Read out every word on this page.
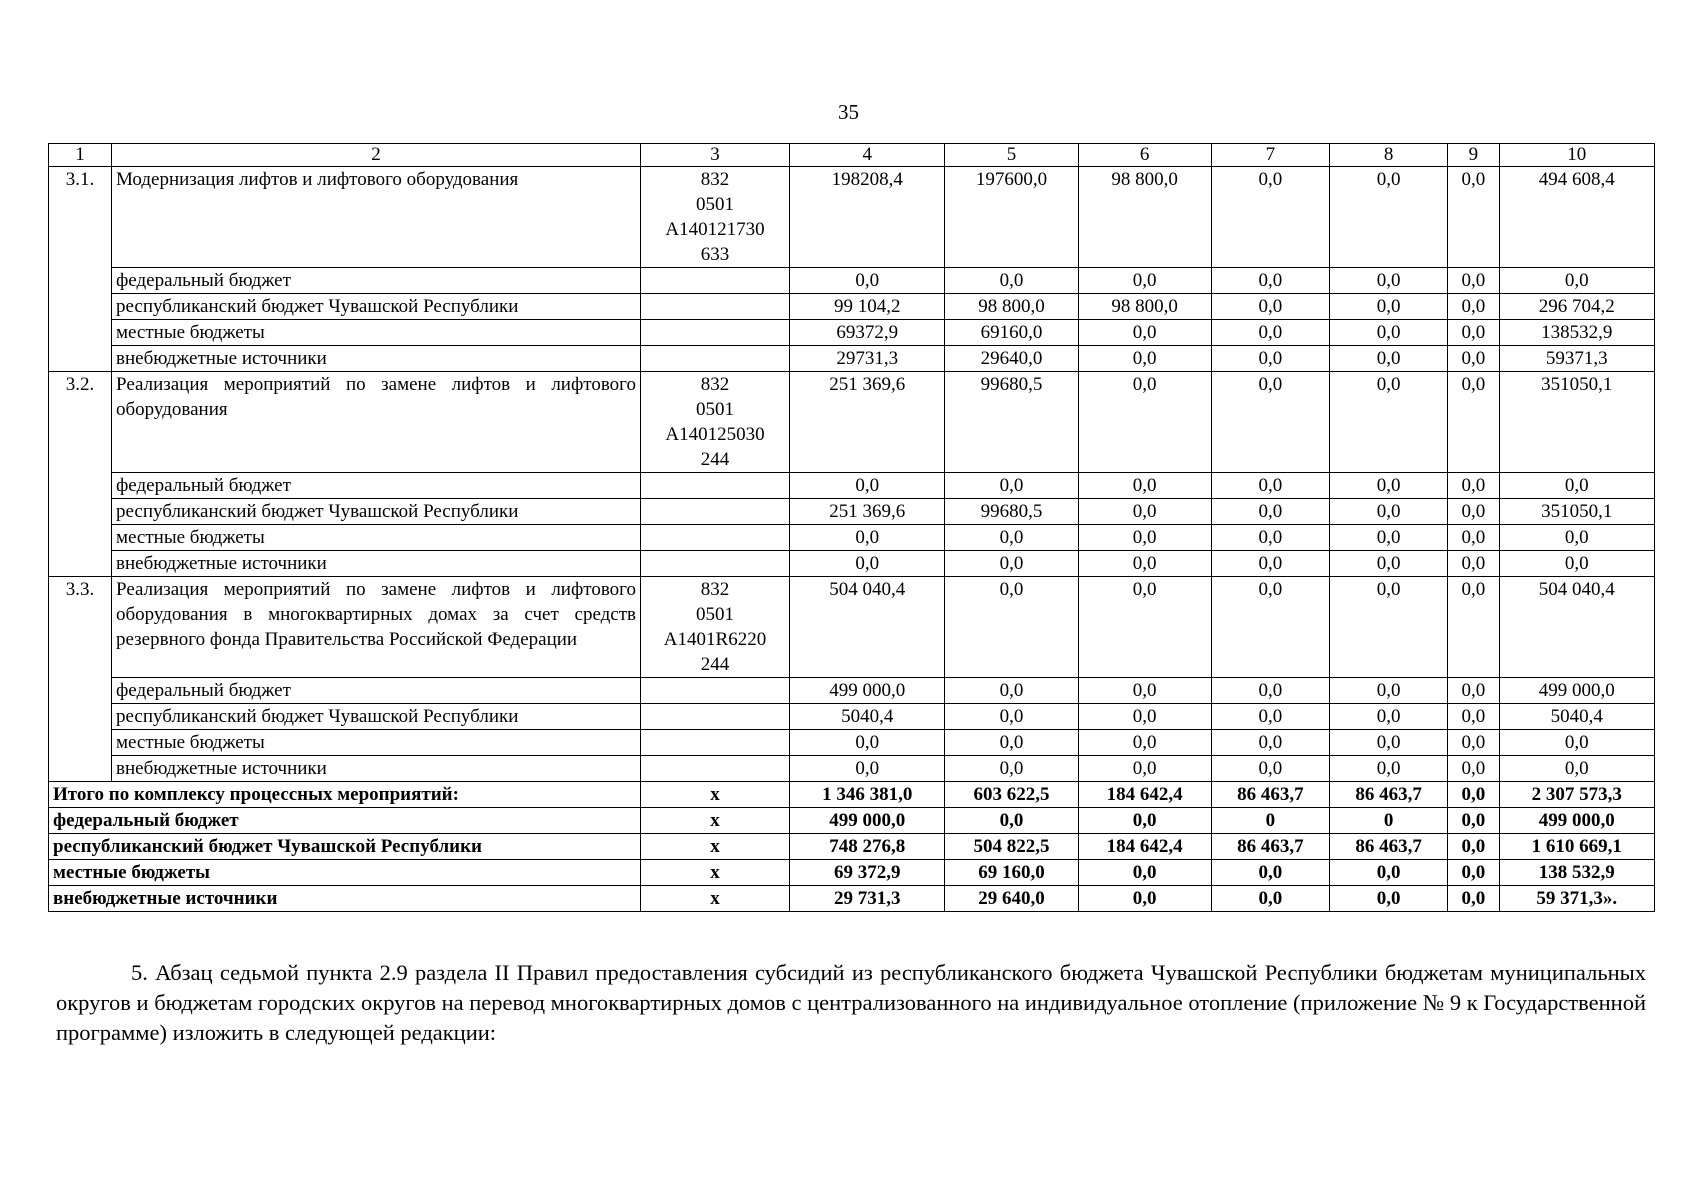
35
1	2	3	4	5	6	7	8	9	10
3.1.	Модернизация лифтов и лифтового оборудования	832
0501
А140121730
633	198208,4	197600,0	98 800,0	0,0	0,0	0,0	494 608,4
	федеральный бюджет		0,0	0,0	0,0	0,0	0,0	0,0	0,0
	республиканский бюджет Чувашской Республики		99 104,2	98 800,0	98 800,0	0,0	0,0	0,0	296 704,2
	местные бюджеты		69372,9	69160,0	0,0	0,0	0,0	0,0	138532,9
	внебюджетные источники		29731,3	29640,0	0,0	0,0	0,0	0,0	59371,3
3.2.	Реализация мероприятий по замене лифтов и лифтового оборудования	832
0501
А140125030
244	251 369,6	99680,5	0,0	0,0	0,0	0,0	351050,1
	федеральный бюджет		0,0	0,0	0,0	0,0	0,0	0,0	0,0
	республиканский бюджет Чувашской Республики		251 369,6	99680,5	0,0	0,0	0,0	0,0	351050,1
	местные бюджеты		0,0	0,0	0,0	0,0	0,0	0,0	0,0
	внебюджетные источники		0,0	0,0	0,0	0,0	0,0	0,0	0,0
3.3.	Реализация мероприятий по замене лифтов и лифтового оборудования в многоквартирных домах за счет средств резервного фонда Правительства Российской Федерации	832
0501
А1401R6220
244	504 040,4	0,0	0,0	0,0	0,0	0,0	504 040,4
	федеральный бюджет		499 000,0	0,0	0,0	0,0	0,0	0,0	499 000,0
	республиканский бюджет Чувашской Республики		5040,4	0,0	0,0	0,0	0,0	0,0	5040,4
	местные бюджеты		0,0	0,0	0,0	0,0	0,0	0,0	0,0
	внебюджетные источники		0,0	0,0	0,0	0,0	0,0	0,0	0,0
Итого по комплексу процессных мероприятий:		х	1 346 381,0	603 622,5	184 642,4	86 463,7	86 463,7	0,0	2 307 573,3
федеральный бюджет		х	499 000,0	0,0	0,0	0	0	0,0	499 000,0
республиканский бюджет Чувашской Республики		х	748 276,8	504 822,5	184 642,4	86 463,7	86 463,7	0,0	1 610 669,1
местные бюджеты		х	69 372,9	69 160,0	0,0	0,0	0,0	0,0	138 532,9
внебюджетные источники		х	29 731,3	29 640,0	0,0	0,0	0,0	0,0	59 371,3».
5. Абзац седьмой пункта 2.9 раздела II Правил предоставления субсидий из республиканского бюджета Чувашской Республики бюджетам муниципальных округов и бюджетам городских округов на перевод многоквартирных домов с централизованного на индивидуальное отопление (приложение № 9 к Государственной программе) изложить в следующей редакции:
